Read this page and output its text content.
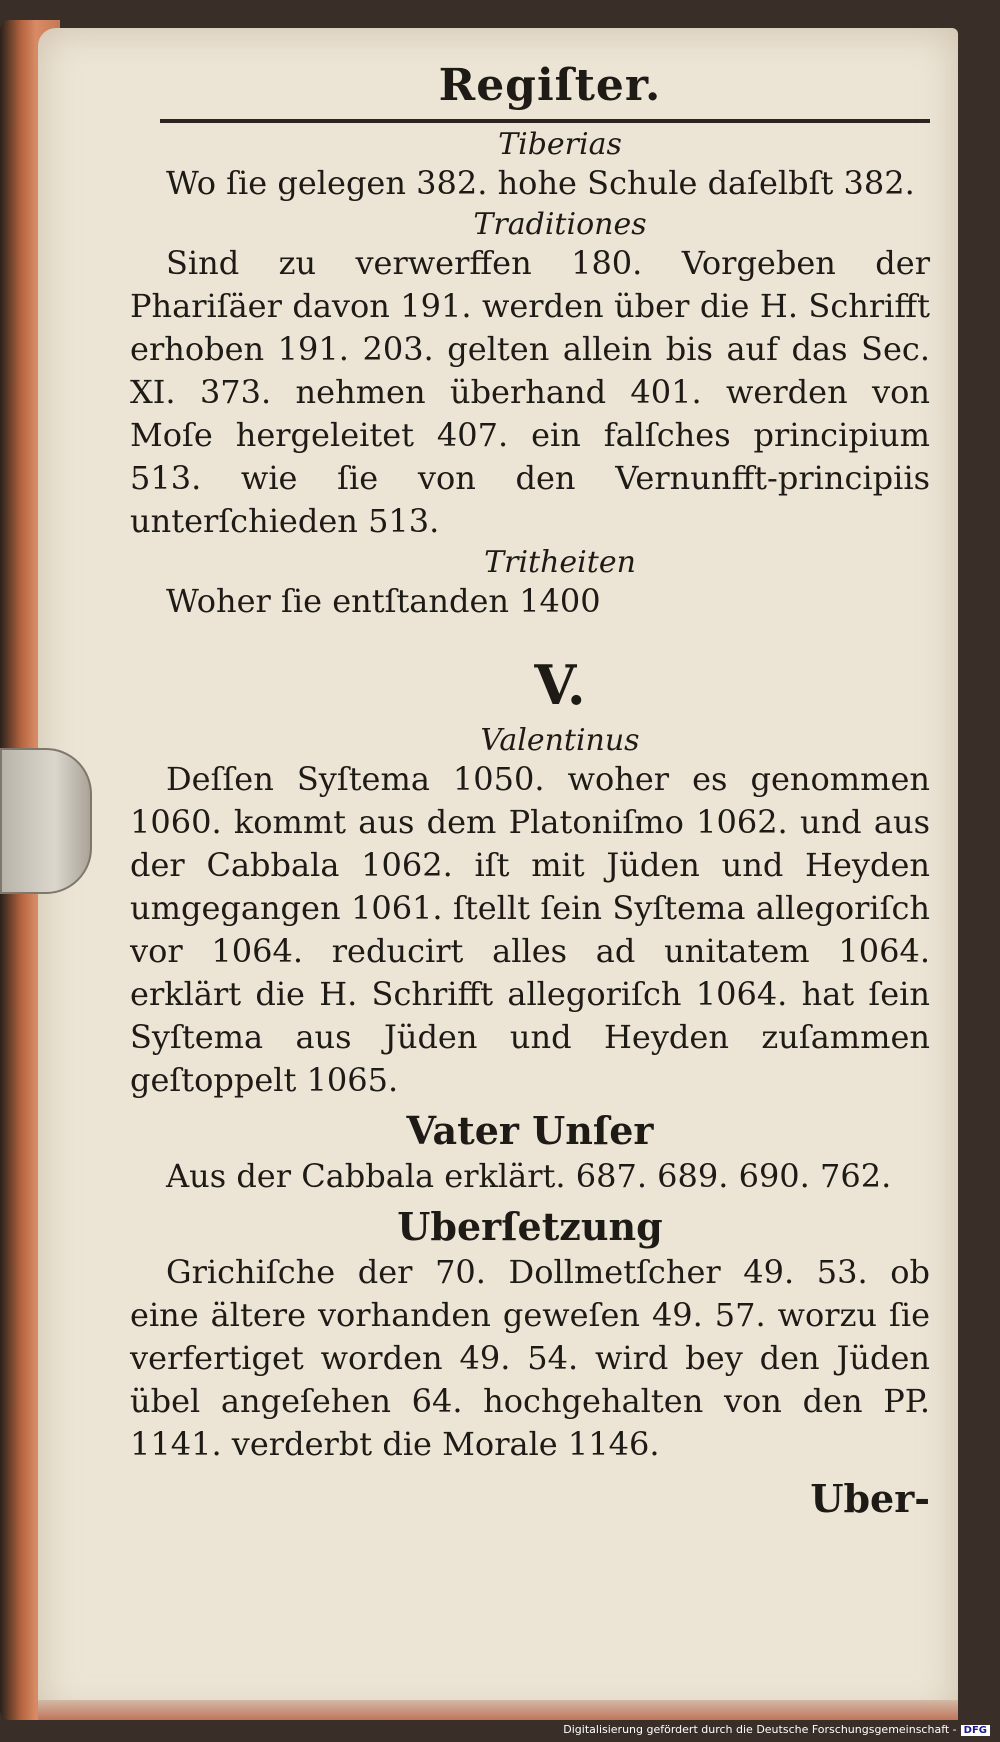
Regiſter.
Tiberias

Wo ſie gelegen 382. hohe Schule daſelbſt 382.

Traditiones

Sind zu verwerffen 180. Vorgeben der Phariſäer davon 191. werden über die H. Schrifft erhoben 191. 203. gelten allein bis auf das Sec. XI. 373. nehmen überhand 401. werden von Moſe hergeleitet 407. ein falſches principium 513. wie ſie von den Vernunfft-principiis unterſchieden 513.

Tritheiten

Woher ſie entſtanden 1400

V.
Valentinus

Deſſen Syſtema 1050. woher es genommen 1060. kommt aus dem Platoniſmo 1062. und aus der Cabbala 1062. iſt mit Jüden und Heyden umgegangen 1061. ſtellt ſein Syſtema allegoriſch vor 1064. reducirt alles ad unitatem 1064. erklärt die H. Schrifft allegoriſch 1064. hat ſein Syſtema aus Jüden und Heyden zuſammen geſtoppelt 1065.

Vater Unſer

Aus der Cabbala erklärt. 687. 689. 690. 762.

Uberſetzung

Grichiſche der 70. Dollmetſcher 49. 53. ob eine ältere vorhanden geweſen 49. 57. worzu ſie verfertiget worden 49. 54. wird bey den Jüden übel angeſehen 64. hochgehalten von den PP. 1141. verderbt die Morale 1146.

Uber-
Digitalisierung gefördert durch die Deutsche Forschungsgemeinschaft - DFG
